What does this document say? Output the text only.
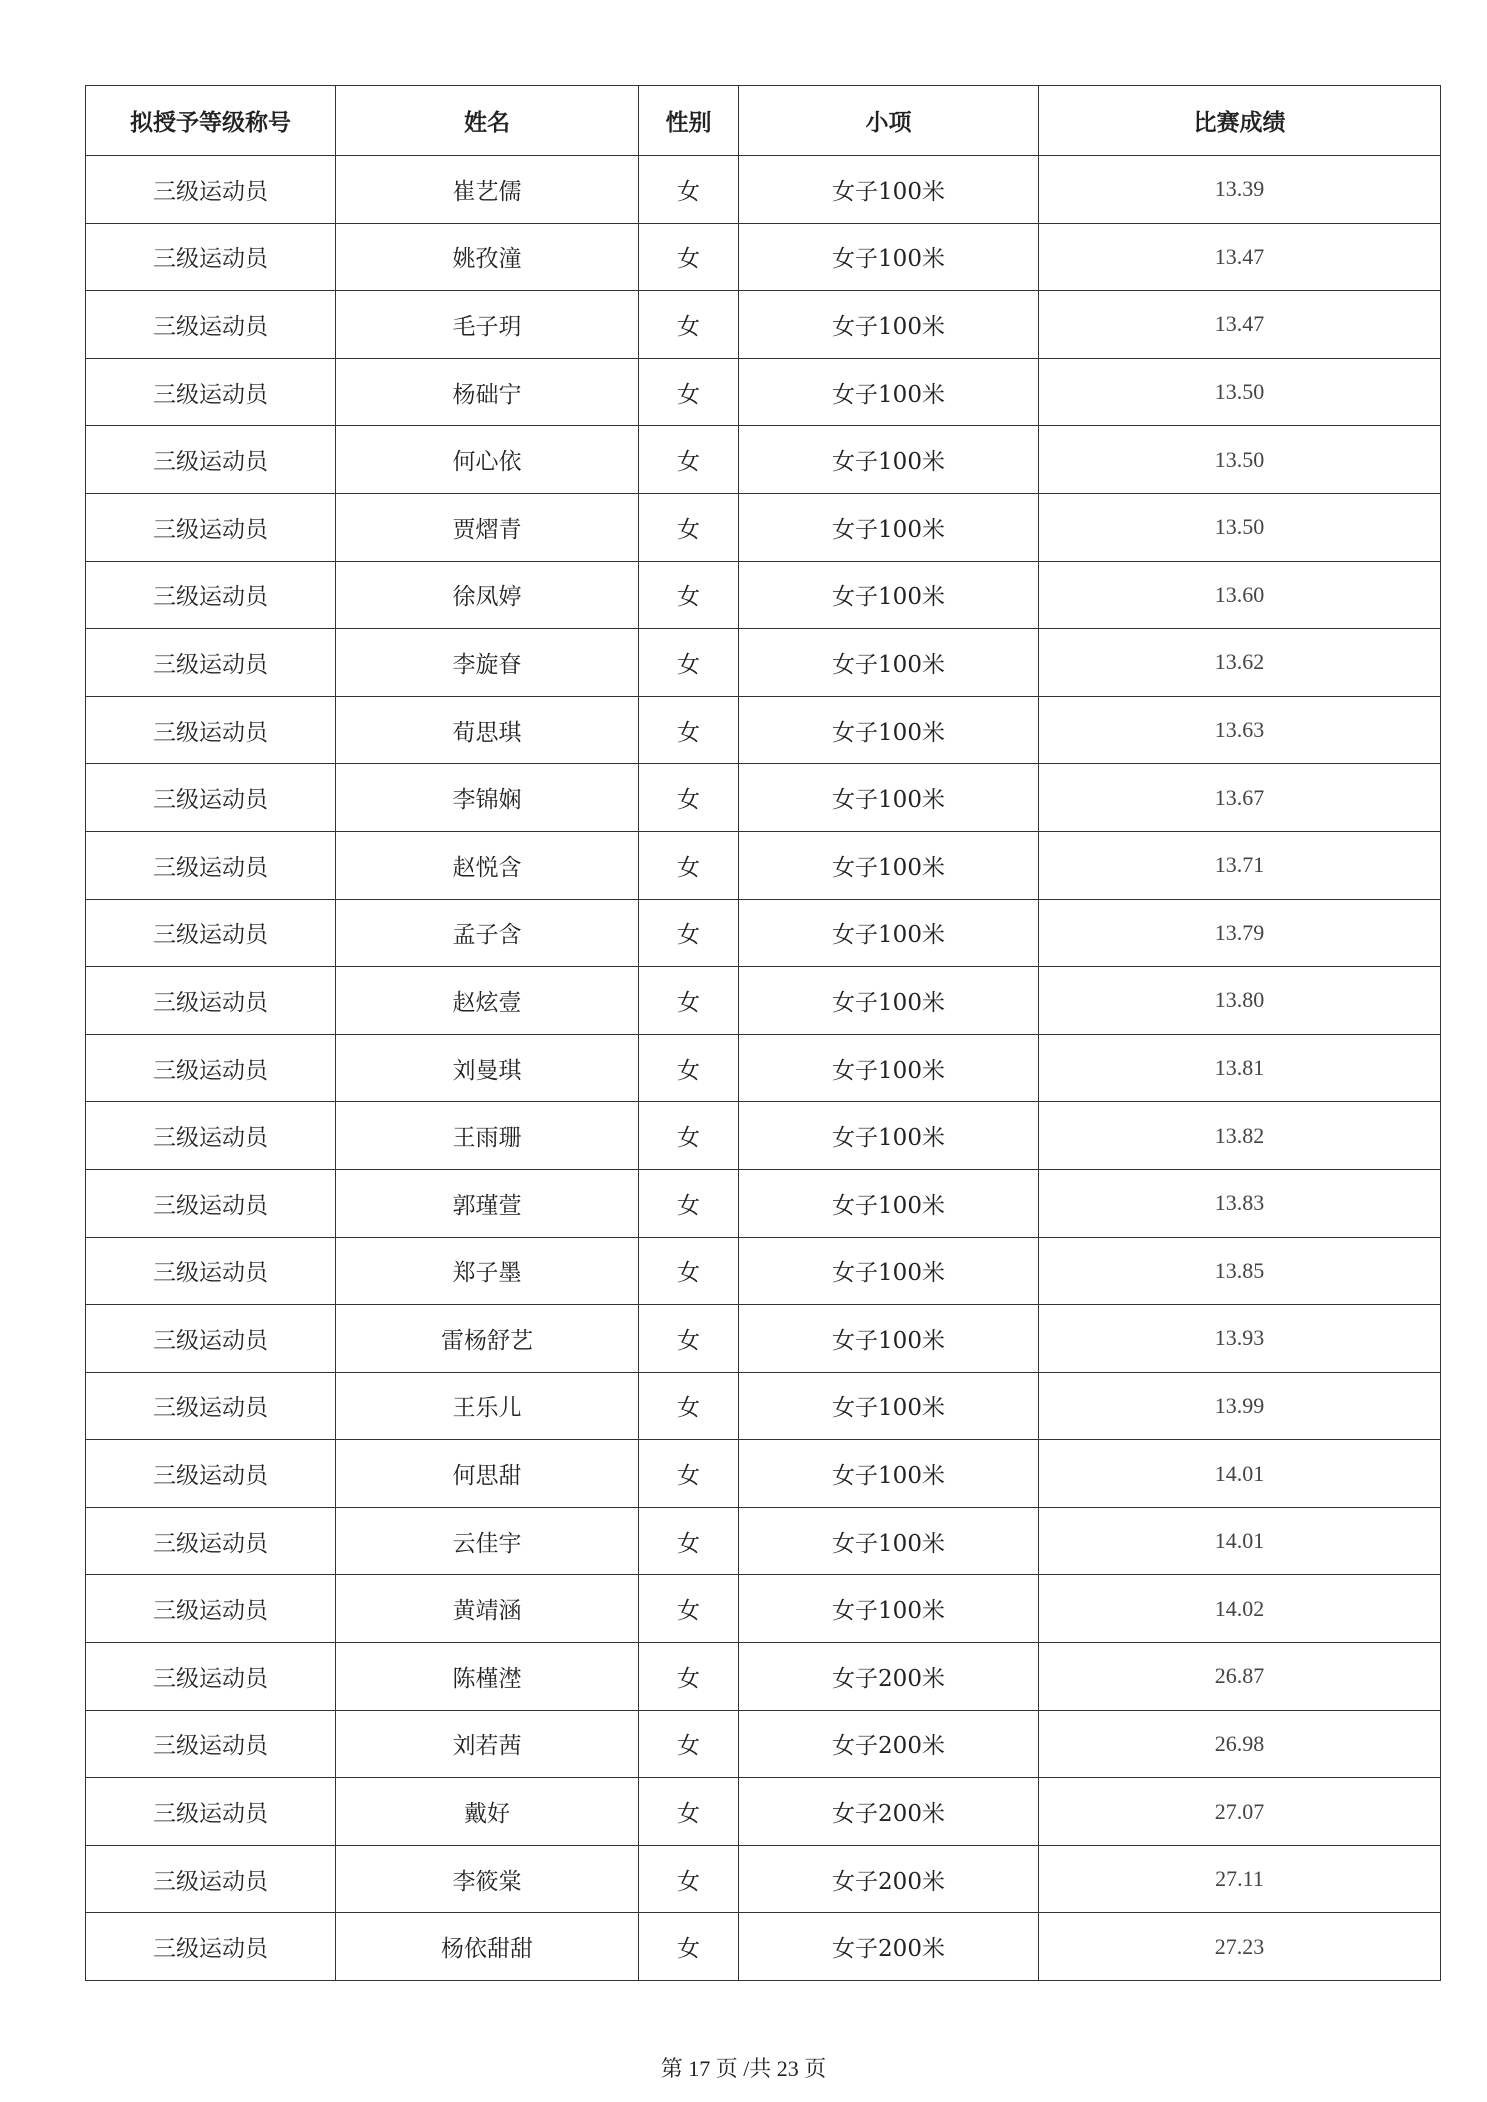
拟授予等级称号	姓名	性别	小项	比赛成绩
三级运动员	崔艺儒	女	女子100米	13.39
三级运动员	姚孜潼	女	女子100米	13.47
三级运动员	毛子玥	女	女子100米	13.47
三级运动员	杨础宁	女	女子100米	13.50
三级运动员	何心依	女	女子100米	13.50
三级运动员	贾熠青	女	女子100米	13.50
三级运动员	徐凤婷	女	女子100米	13.60
三级运动员	李旋眘	女	女子100米	13.62
三级运动员	荀思琪	女	女子100米	13.63
三级运动员	李锦娴	女	女子100米	13.67
三级运动员	赵悦含	女	女子100米	13.71
三级运动员	孟子含	女	女子100米	13.79
三级运动员	赵炫壹	女	女子100米	13.80
三级运动员	刘曼琪	女	女子100米	13.81
三级运动员	王雨珊	女	女子100米	13.82
三级运动员	郭瑾萱	女	女子100米	13.83
三级运动员	郑子墨	女	女子100米	13.85
三级运动员	雷杨舒艺	女	女子100米	13.93
三级运动员	王乐儿	女	女子100米	13.99
三级运动员	何思甜	女	女子100米	14.01
三级运动员	云佳宇	女	女子100米	14.01
三级运动员	黄靖涵	女	女子100米	14.02
三级运动员	陈槿漜	女	女子200米	26.87
三级运动员	刘若茜	女	女子200米	26.98
三级运动员	戴好	女	女子200米	27.07
三级运动员	李筱棠	女	女子200米	27.11
三级运动员	杨依甜甜	女	女子200米	27.23
第 17 页 /共 23 页
